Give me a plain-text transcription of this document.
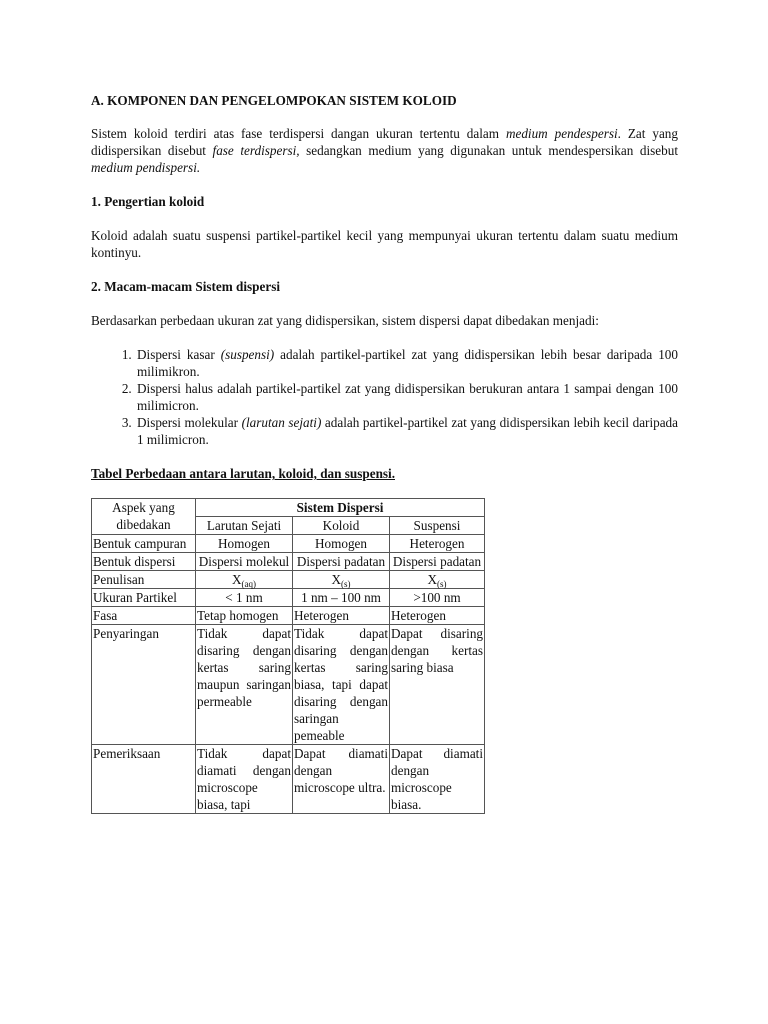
A. KOMPONEN DAN PENGELOMPOKAN SISTEM KOLOID

Sistem koloid terdiri atas fase terdispersi dangan ukuran tertentu dalam medium pendespersi. Zat yang didispersikan disebut fase terdispersi, sedangkan medium yang digunakan untuk mendespersikan disebut medium pendispersi.

1. Pengertian koloid

Koloid adalah suatu suspensi partikel-partikel kecil yang mempunyai ukuran tertentu dalam suatu medium kontinyu.

2. Macam-macam Sistem dispersi

Berdasarkan perbedaan ukuran zat yang didispersikan, sistem dispersi dapat dibedakan menjadi:

1. Dispersi kasar (suspensi) adalah partikel-partikel zat yang didispersikan lebih besar daripada 100 milimikron.
2. Dispersi halus adalah partikel-partikel zat yang didispersikan berukuran antara 1 sampai dengan 100 milimicron.
3. Dispersi molekular (larutan sejati) adalah partikel-partikel zat yang didispersikan lebih kecil daripada 1 milimicron.
Tabel Perbedaan antara larutan, koloid, dan suspensi.
Aspek yang dibedakan	Sistem Dispersi		
	Larutan Sejati	Koloid	Suspensi
Bentuk campuran	Homogen	Homogen	Heterogen
Bentuk dispersi	Dispersi molekul	Dispersi padatan	Dispersi padatan
Penulisan	$X_{(aq)}$	$X_{(s)}$	$X_{(s)}$
Ukuran Partikel	< 1 nm	1 nm – 100 nm	>100 nm
Fasa	Tetap homogen	Heterogen	Heterogen
Penyaringan	Tidak dapat disaring dengan kertas saring maupun saringan permeable	Tidak dapat disaring dengan kertas saring biasa, tapi dapat disaring dengan saringan pemeable	Dapat disaring dengan kertas saring biasa
Pemeriksaan	Tidak dapat diamati dengan microscope biasa, tapi	Dapat diamati dengan microscope ultra.	Dapat diamati dengan microscope biasa.
